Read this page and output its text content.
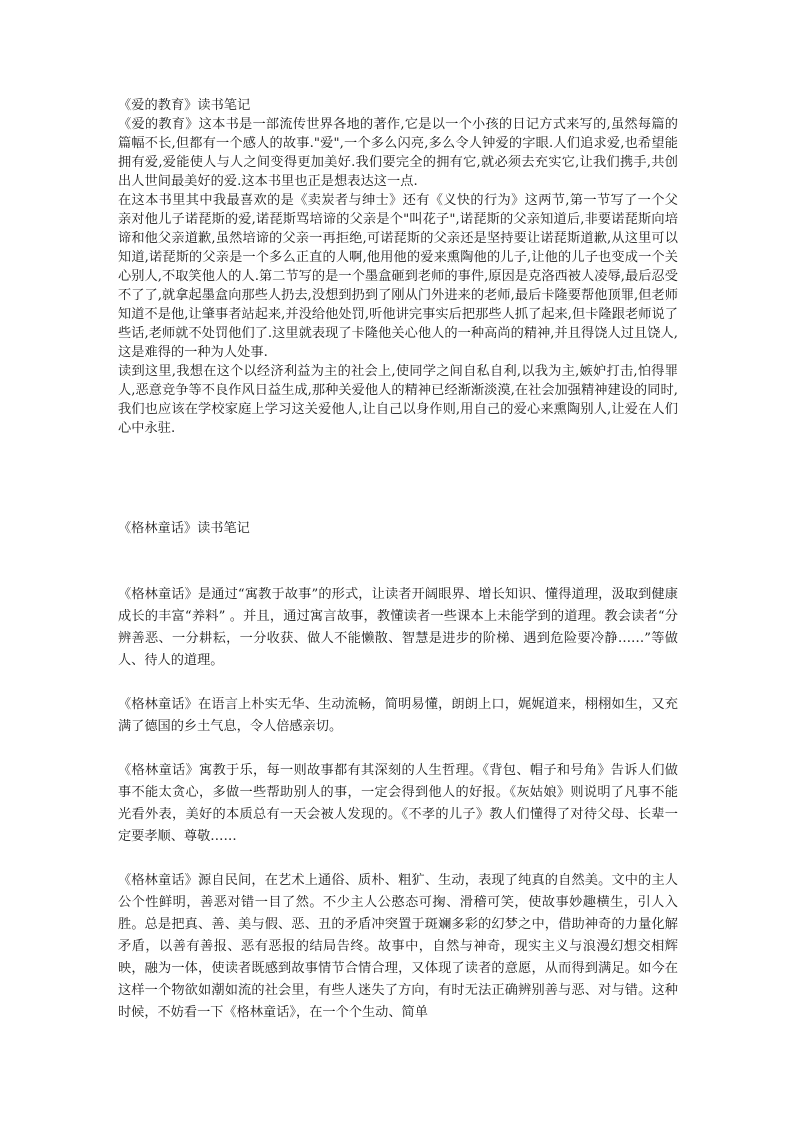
《爱的教育》读书笔记

《爱的教育》这本书是一部流传世界各地的著作,它是以一个小孩的日记方式来写的,虽然每篇的篇幅不长,但都有一个感人的故事."爱",一个多么闪亮,多么令人钟爱的字眼.人们追求爱,也希望能拥有爱,爱能使人与人之间变得更加美好.我们要完全的拥有它,就必须去充实它,让我们携手,共创出人世间最美好的爱.这本书里也正是想表达这一点.

在这本书里其中我最喜欢的是《卖炭者与绅士》还有《义快的行为》这两节,第一节写了一个父亲对他儿子诺琵斯的爱,诺琵斯骂培谛的父亲是个"叫花子",诺琵斯的父亲知道后,非要诺琵斯向培谛和他父亲道歉,虽然培谛的父亲一再拒绝,可诺琵斯的父亲还是坚持要让诺琵斯道歉,从这里可以知道,诺琵斯的父亲是一个多么正直的人啊,他用他的爱来熏陶他的儿子,让他的儿子也变成一个关心别人,不取笑他人的人.第二节写的是一个墨盒砸到老师的事件,原因是克洛西被人凌辱,最后忍受不了了,就拿起墨盒向那些人扔去,没想到扔到了刚从门外进来的老师,最后卡隆要帮他顶罪,但老师知道不是他,让肇事者站起来,并没给他处罚,听他讲完事实后把那些人抓了起来,但卡隆跟老师说了些话,老师就不处罚他们了.这里就表现了卡隆他关心他人的一种高尚的精神,并且得饶人过且饶人,这是难得的一种为人处事.

读到这里,我想在这个以经济利益为主的社会上,使同学之间自私自利,以我为主,嫉妒打击,怕得罪人,恶意竞争等不良作风日益生成,那种关爱他人的精神已经渐渐淡漠,在社会加强精神建设的同时,我们也应该在学校家庭上学习这关爱他人,让自己以身作则,用自己的爱心来熏陶别人,让爱在人们心中永驻.

《格林童话》读书笔记

《格林童话》是通过“寓教于故事”的形式，让读者开阔眼界、增长知识、懂得道理，汲取到健康成长的丰富“养料” 。并且，通过寓言故事，教懂读者一些课本上未能学到的道理。教会读者“分辨善恶、一分耕耘，一分收获、做人不能懒散、智慧是进步的阶梯、遇到危险要冷静……”等做人、待人的道理。

《格林童话》在语言上朴实无华、生动流畅，简明易懂，朗朗上口，娓娓道来，栩栩如生，又充满了德国的乡土气息，令人倍感亲切。

《格林童话》寓教于乐，每一则故事都有其深刻的人生哲理。《背包、帽子和号角》告诉人们做事不能太贪心，多做一些帮助别人的事，一定会得到他人的好报。《灰姑娘》则说明了凡事不能光看外表，美好的本质总有一天会被人发现的。《不孝的儿子》教人们懂得了对待父母、长辈一定要孝顺、尊敬……

《格林童话》源自民间，在艺术上通俗、质朴、粗犷、生动，表现了纯真的自然美。文中的主人公个性鲜明，善恶对错一目了然。不少主人公憨态可掬、滑稽可笑，使故事妙趣横生，引人入胜。总是把真、善、美与假、恶、丑的矛盾冲突置于斑斓多彩的幻梦之中，借助神奇的力量化解矛盾，以善有善报、恶有恶报的结局告终。故事中，自然与神奇，现实主义与浪漫幻想交相辉映，融为一体，使读者既感到故事情节合情合理，又体现了读者的意愿，从而得到满足。如今在这样一个物欲如潮如流的社会里，有些人迷失了方向，有时无法正确辨别善与恶、对与错。这种时候，不妨看一下《格林童话》，在一个个生动、简单
